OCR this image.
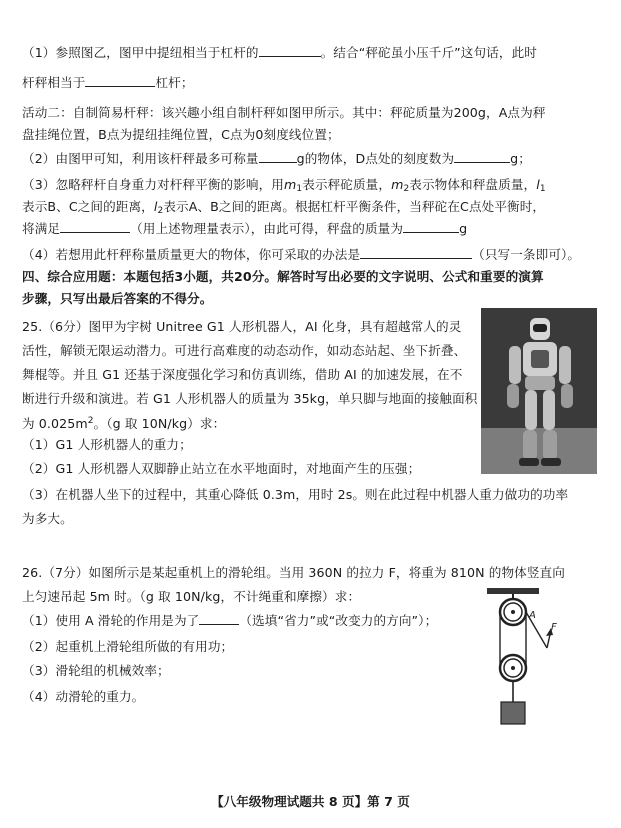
（1）参照图乙，图甲中提纽相当于杠杆的	。结合“秤砣虽小压千斤”这句话，此时
杆秤相当于	杠杆；
活动二：自制简易杆秤：该兴趣小组自制杆秤如图甲所示。其中：秤砣质量为200g，A点为秤
盘挂绳位置，B点为提纽挂绳位置，C点为0刻度线位置；
（2）由图甲可知，利用该杆秤最多可称量	g的物体，D点处的刻度数为	g；
（3）忽略秤杆自身重力对杆秤平衡的影响，用$m_1$表示秤砣质量，$m_2$表示物体和秤盘质量，$l_1$
表示B、C之间的距离，$l_2$表示A、B之间的距离。根据杠杆平衡条件，当秤砣在C点处平衡时，
将满足	（用上述物理量表示），由此可得，秤盘的质量为	g
（4）若想用此杆秤称量质量更大的物体，你可采取的办法是	（只写一条即可）。
四、综合应用题：本题包括3小题，共20分。解答时写出必要的文字说明、公式和重要的演算
步骤，只写出最后答案的不得分。
25.（6分）图甲为宇树 Unitree G1 人形机器人，AI 化身，具有超越常人的灵
活性，解锁无限运动潜力。可进行高难度的动态动作，如动态站起、坐下折叠、
舞棍等。并且 G1 还基于深度强化学习和仿真训练，借助 AI 的加速发展，在不
断进行升级和演进。若 G1 人形机器人的质量为 35kg，单只脚与地面的接触面积
为 $0.025m^2$。（g 取 10N/kg）求：
（1）G1 人形机器人的重力；
（2）G1 人形机器人双脚静止站立在水平地面时，对地面产生的压强；
（3）在机器人坐下的过程中，其重心降低 0.3m，用时 2s。则在此过程中机器人重力做功的功率
为多大。
26.（7分）如图所示是某起重机上的滑轮组。当用 360N 的拉力 F，将重为 810N 的物体竖直向
上匀速吊起 5m 时。（g 取 10N/kg，不计绳重和摩擦）求：
（1）使用 A 滑轮的作用是为了	（选填“省力”或“改变力的方向”）；
（2）起重机上滑轮组所做的有用功；
（3）滑轮组的机械效率；
（4）动滑轮的重力。
A
F
【八年级物理试题共 8 页】第 7 页
